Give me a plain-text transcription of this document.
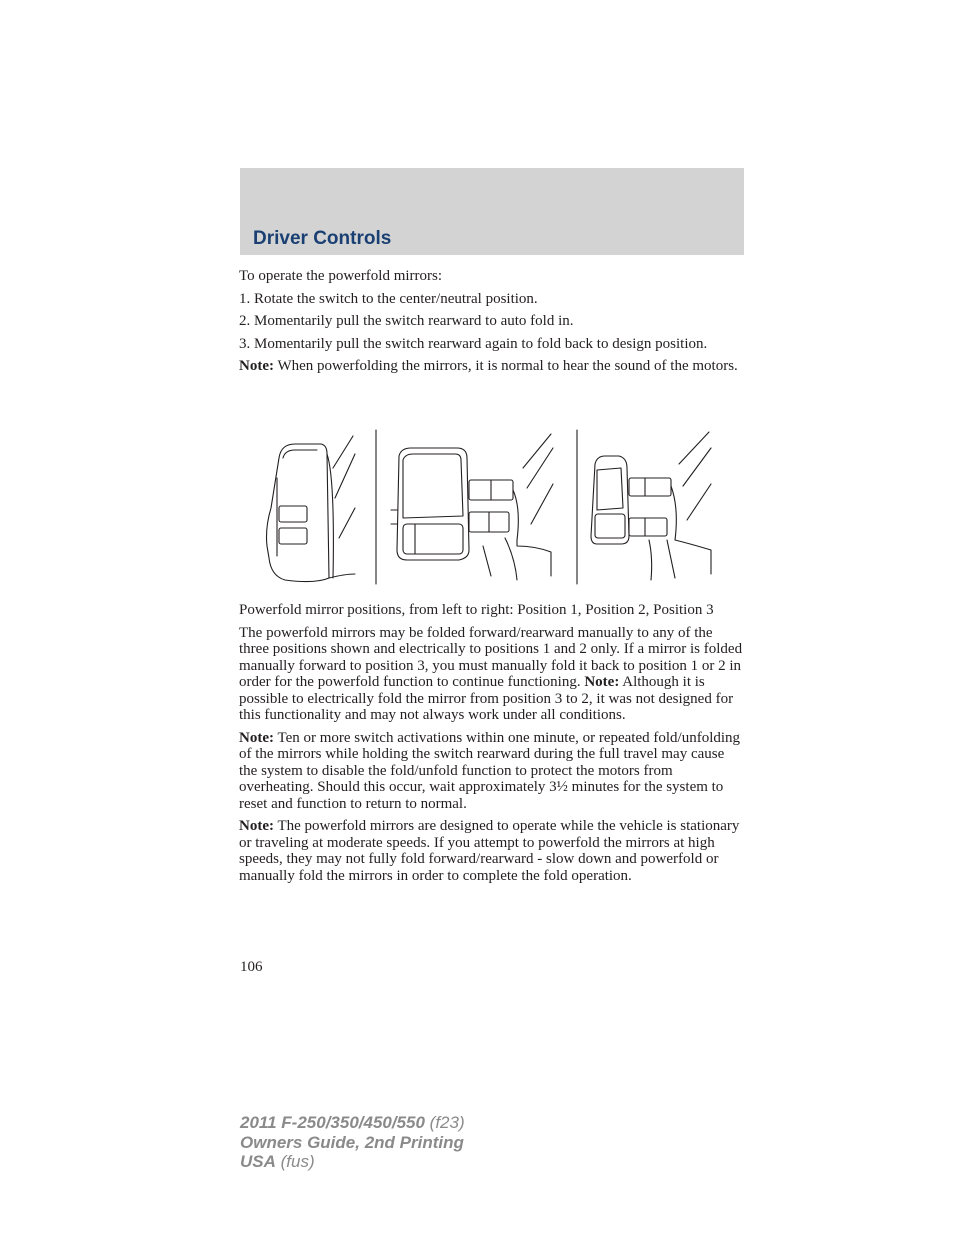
Driver Controls

To operate the powerfold mirrors:

1. Rotate the switch to the center/neutral position.

2. Momentarily pull the switch rearward to auto fold in.

3. Momentarily pull the switch rearward again to fold back to design position.

Note: When powerfolding the mirrors, it is normal to hear the sound of the motors.

Powerfold mirror positions, from left to right: Position 1, Position 2, Position 3

The powerfold mirrors may be folded forward/rearward manually to any of the three positions shown and electrically to positions 1 and 2 only. If a mirror is folded manually forward to position 3, you must manually fold it back to position 1 or 2 in order for the powerfold function to continue functioning. Note: Although it is possible to electrically fold the mirror from position 3 to 2, it was not designed for this functionality and may not always work under all conditions.

Note: Ten or more switch activations within one minute, or repeated fold/unfolding of the mirrors while holding the switch rearward during the full travel may cause the system to disable the fold/unfold function to protect the motors from overheating. Should this occur, wait approximately 3½ minutes for the system to reset and function to return to normal.

Note: The powerfold mirrors are designed to operate while the vehicle is stationary or traveling at moderate speeds. If you attempt to powerfold the mirrors at high speeds, they may not fully fold forward/rearward - slow down and powerfold or manually fold the mirrors in order to complete the fold operation.

106
2011 F-250/350/450/550 (f23)
Owners Guide, 2nd Printing
USA (fus)
